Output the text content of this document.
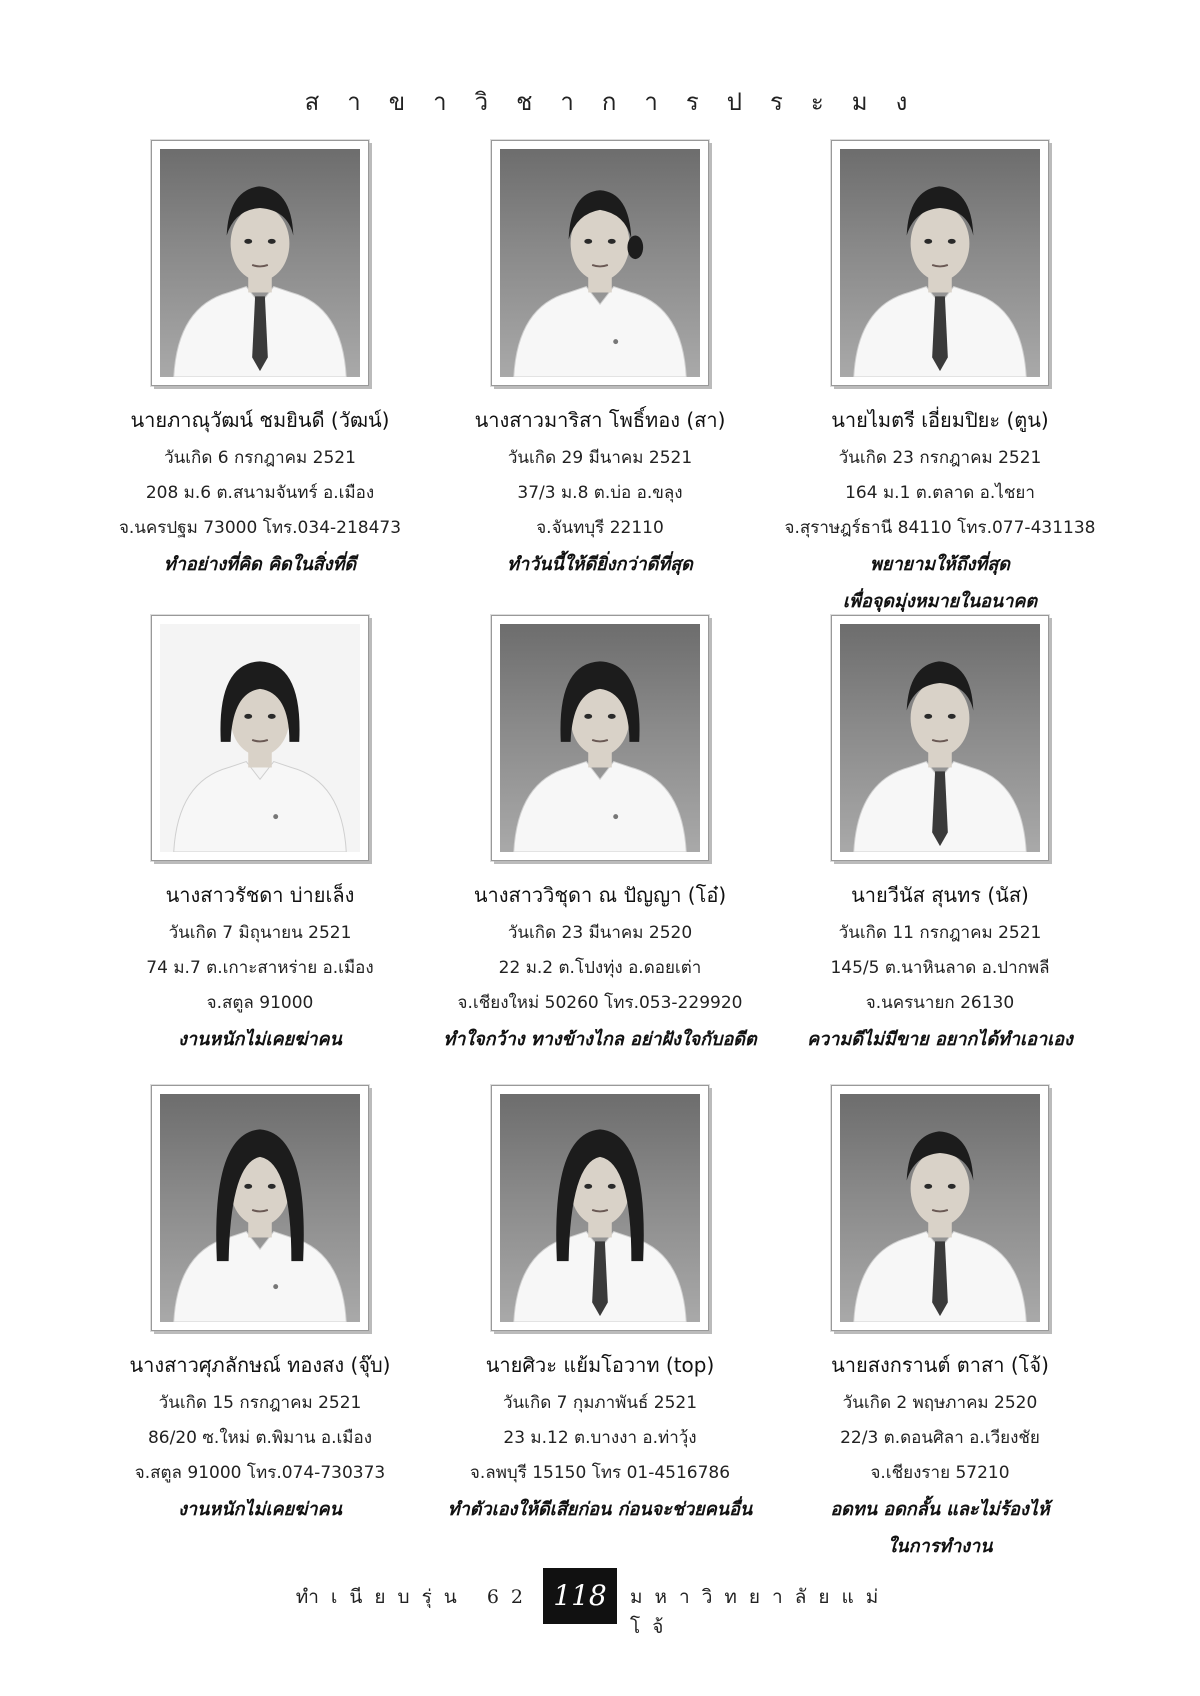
สาขาวิชาการประมง
นายภาณุวัฒน์ ชมยินดี (วัฒน์)
วันเกิด 6 กรกฎาคม 2521
208 ม.6 ต.สนามจันทร์ อ.เมือง
จ.นครปฐม 73000 โทร.034-218473
ทำอย่างที่คิด คิดในสิ่งที่ดี
นางสาวมาริสา โพธิ์ทอง (สา)
วันเกิด 29 มีนาคม 2521
37/3 ม.8 ต.บ่อ อ.ขลุง
จ.จันทบุรี 22110
ทำวันนี้ให้ดียิ่งกว่าดีที่สุด
นายไมตรี เอี่ยมปิยะ (ตูน)
วันเกิด 23 กรกฎาคม 2521
164 ม.1 ต.ตลาด อ.ไชยา
จ.สุราษฎร์ธานี 84110 โทร.077-431138
พยายามให้ถึงที่สุด
เพื่อจุดมุ่งหมายในอนาคต
นางสาวรัชดา บ่ายเล็ง
วันเกิด 7 มิถุนายน 2521
74 ม.7 ต.เกาะสาหร่าย อ.เมือง
จ.สตูล 91000
งานหนักไม่เคยฆ่าคน
นางสาววิชุดา ณ ปัญญา (โอ๋)
วันเกิด 23 มีนาคม 2520
22 ม.2 ต.โปงทุ่ง อ.ดอยเต่า
จ.เชียงใหม่ 50260 โทร.053-229920
ทำใจกว้าง ทางข้างไกล อย่าฝังใจกับอดีต
นายวีนัส สุนทร (นัส)
วันเกิด 11 กรกฎาคม 2521
145/5 ต.นาหินลาด อ.ปากพลี
จ.นครนายก 26130
ความดีไม่มีขาย อยากได้ทำเอาเอง
นางสาวศุภลักษณ์ ทองสง (จุ๊บ)
วันเกิด 15 กรกฎาคม 2521
86/20 ซ.ใหม่ ต.พิมาน อ.เมือง
จ.สตูล 91000 โทร.074-730373
งานหนักไม่เคยฆ่าคน
นายศิวะ แย้มโอวาท (top)
วันเกิด 7 กุมภาพันธ์ 2521
23 ม.12 ต.บางงา อ.ท่าวุ้ง
จ.ลพบุรี 15150 โทร 01-4516786
ทำตัวเองให้ดีเสียก่อน ก่อนจะช่วยคนอื่น
นายสงกรานต์ ตาสา (โจ้)
วันเกิด 2 พฤษภาคม 2520
22/3 ต.ดอนศิลา อ.เวียงชัย
จ.เชียงราย 57210
อดทน อดกลั้น และไม่ร้องไห้
ในการทำงาน
ทำเนียบรุ่น 62 118	มหาวิทยาลัยแม่โจ้
